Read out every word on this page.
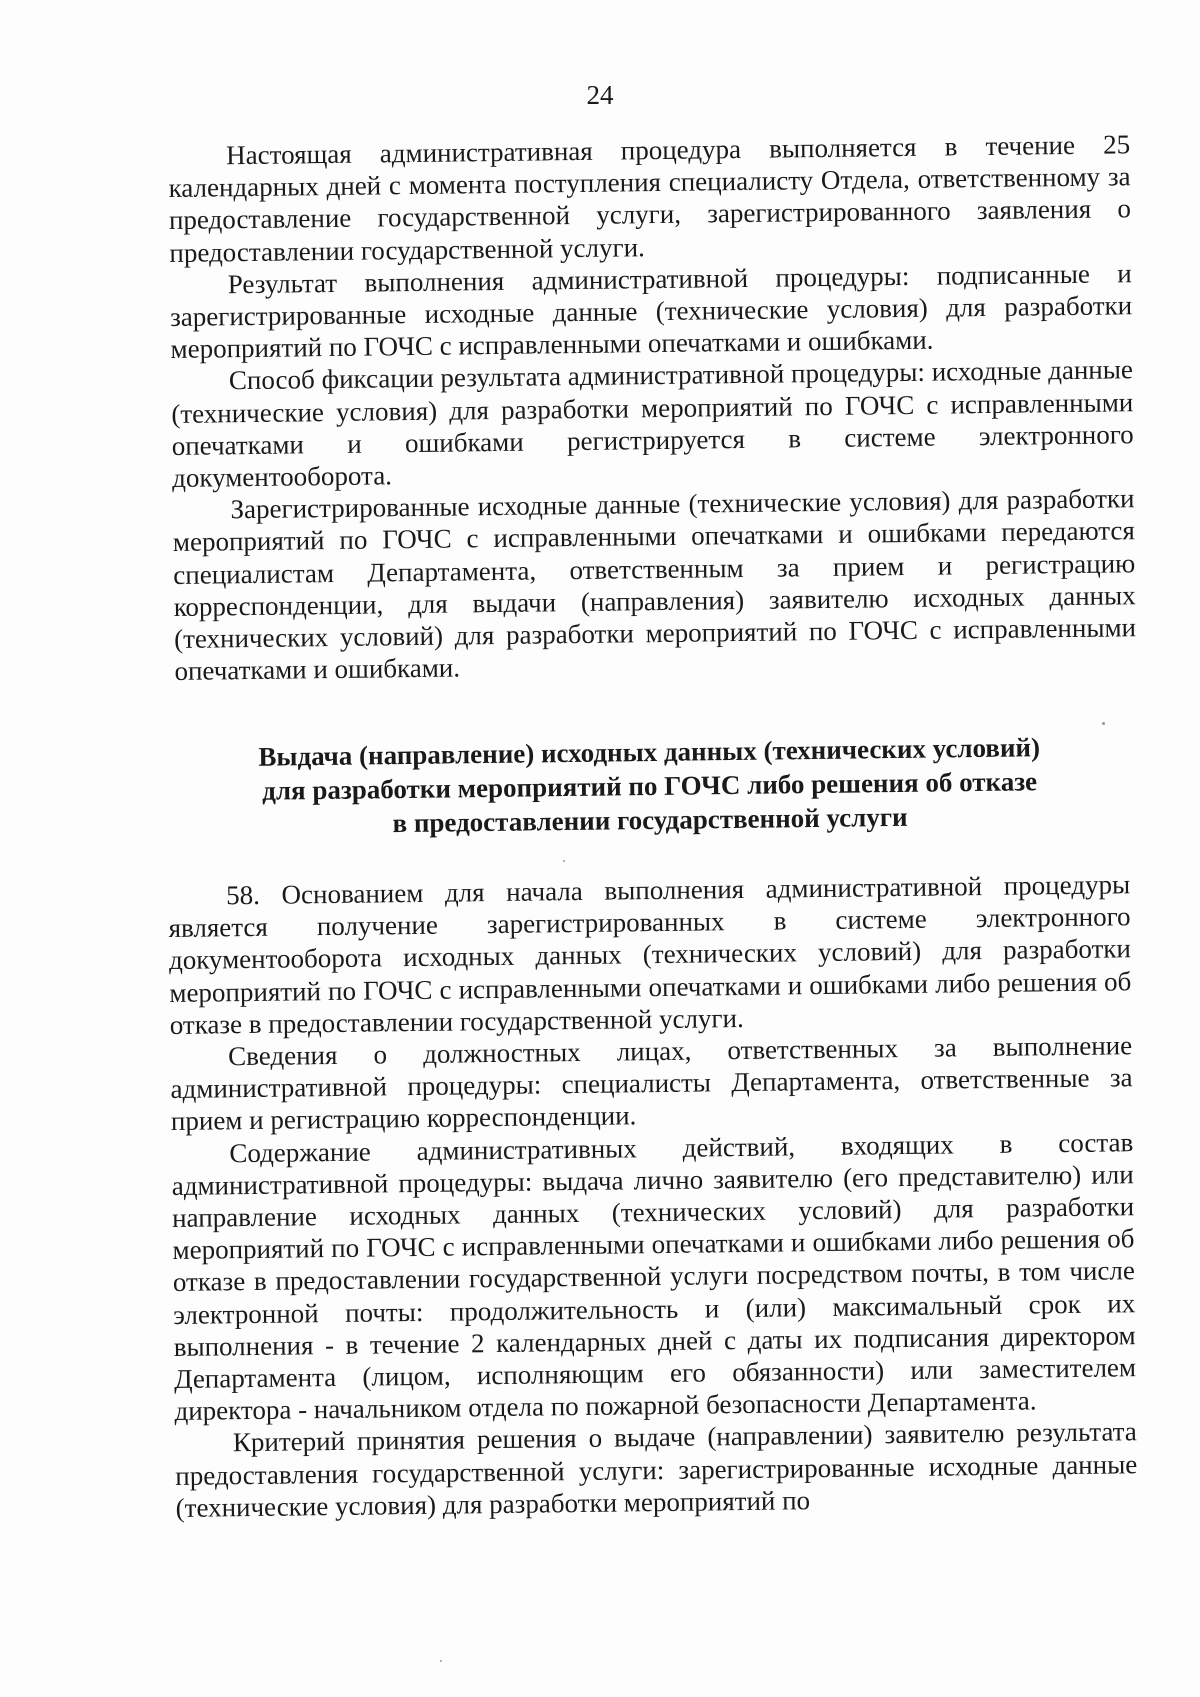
24

Настоящая административная процедура выполняется в течение 25 календарных дней с момента поступления специалисту Отдела, ответственному за предоставление государственной услуги, зарегистрированного заявления о предоставлении государственной услуги.

Результат выполнения административной процедуры: подписанные и зарегистрированные исходные данные (технические условия) для разработки мероприятий по ГОЧС с исправленными опечатками и ошибками.

Способ фиксации результата административной процедуры: исходные данные (технические условия) для разработки мероприятий по ГОЧС с исправленными опечатками и ошибками регистрируется в системе электронного документооборота.

Зарегистрированные исходные данные (технические условия) для разработки мероприятий по ГОЧС с исправленными опечатками и ошибками передаются специалистам Департамента, ответственным за прием и регистрацию корреспонденции, для выдачи (направления) заявителю исходных данных (технических условий) для разработки мероприятий по ГОЧС с исправленными опечатками и ошибками.

Выдача (направление) исходных данных (технических условий)
для разработки мероприятий по ГОЧС либо решения об отказе
в предоставлении государственной услуги

58. Основанием для начала выполнения административной процедуры является получение зарегистрированных в системе электронного документооборота исходных данных (технических условий) для разработки мероприятий по ГОЧС с исправленными опечатками и ошибками либо решения об отказе в предоставлении государственной услуги.

Сведения о должностных лицах, ответственных за выполнение административной процедуры: специалисты Департамента, ответственные за прием и регистрацию корреспонденции.

Содержание административных действий, входящих в состав административной процедуры: выдача лично заявителю (его представителю) или направление исходных данных (технических условий) для разработки мероприятий по ГОЧС с исправленными опечатками и ошибками либо решения об отказе в предоставлении государственной услуги посредством почты, в том числе электронной почты: продолжительность и (или) максимальный срок их выполнения - в течение 2 календарных дней с даты их подписания директором Департамента (лицом, исполняющим его обязанности) или заместителем директора - начальником отдела по пожарной безопасности Департамента.

Критерий принятия решения о выдаче (направлении) заявителю результата предоставления государственной услуги: зарегистрированные исходные данные (технические условия) для разработки мероприятий по
